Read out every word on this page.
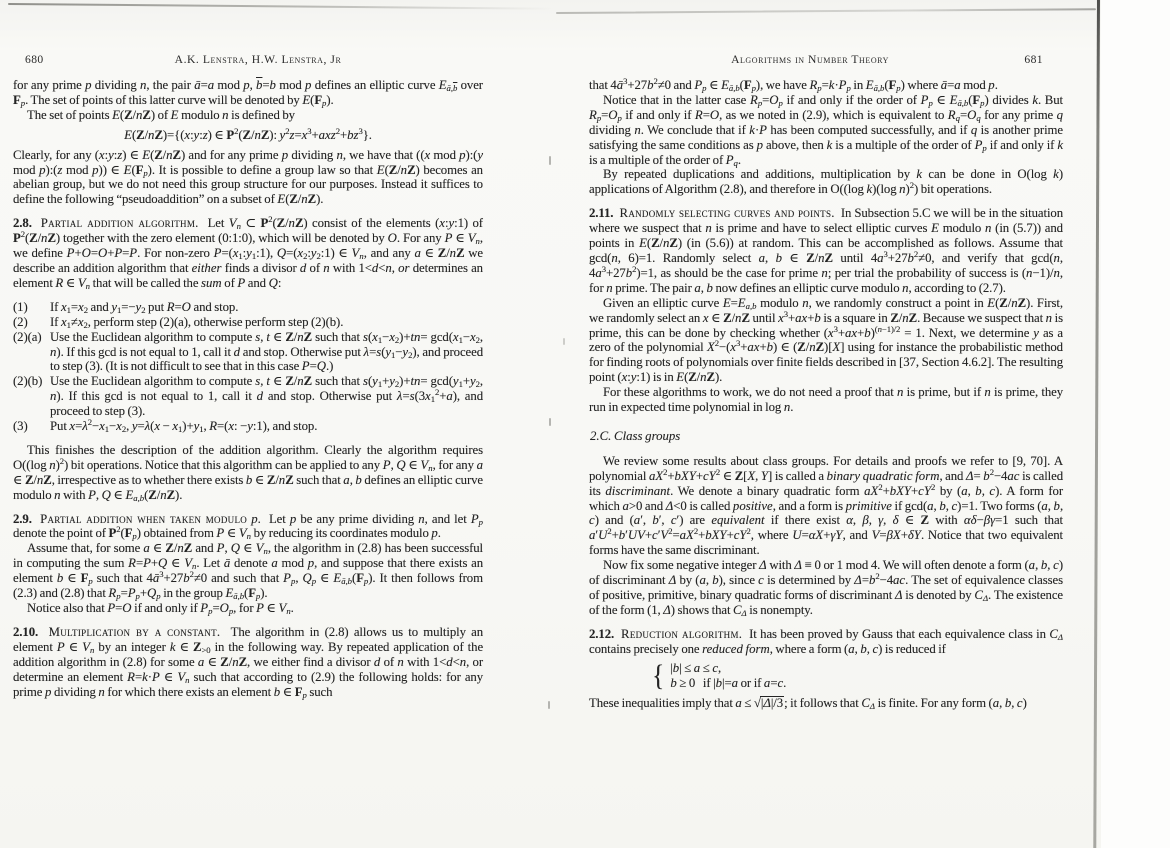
680	A.K. Lenstra, H.W. Lenstra, Jr
for any prime p dividing n, the pair ā=a mod p, $\overline{b}=b$ mod p defines an elliptic curve $E_{ā,\overline{b}}$ over $F_p$. The set of points of this latter curve will be denoted by $E(F_p)$.
The set of points E(Z/nZ) of E modulo n is defined by
E(Z/nZ)={(x:y:z) ∈ $P^2(Z/nZ)$: $y^2z=x^3+axz^2+bz^3$}.
Clearly, for any (x:y:z) ∈ E(Z/nZ) and for any prime p dividing n, we have that ((x mod p):(y mod p):(z mod p)) ∈ $E(F_p)$. It is possible to define a group law so that E(Z/nZ) becomes an abelian group, but we do not need this group structure for our purposes. Instead it suffices to define the following “pseudoaddition” on a subset of E(Z/nZ).
2.8. Partial addition algorithm.  Let $V_n$ ⊂ $P^2(Z/nZ)$ consist of the elements (x:y:1) of $P^2(Z/nZ)$ together with the zero element (0:1:0), which will be denoted by O. For any P ∈ $V_n$, we define P+O=O+P=P. For non-zero $P=(x_1:y_1:1)$, $Q=(x_2:y_2:1)$ ∈ $V_n$, and any a ∈ Z/nZ we describe an addition algorithm that either finds a divisor d of n with 1<d<n, or determines an element R ∈ $V_n$ that will be called the sum of P and Q:
(1) If $x_1=x_2$ and $y_1=-y_2$ put R=O and stop.
(2) If $x_1\ne x_2$, perform step (2)(a), otherwise perform step (2)(b).
(2)(a) Use the Euclidean algorithm to compute s, t ∈ Z/nZ such that $s(x_1-x_2)+tn= \gcd(x_1-x_2$, n). If this gcd is not equal to 1, call it d and stop. Otherwise put $\lambda=s(y_1-y_2)$, and proceed to step (3). (It is not difficult to see that in this case P=Q.)
(2)(b) Use the Euclidean algorithm to compute s, t ∈ Z/nZ such that $s(y_1+y_2)+tn= \gcd(y_1+y_2$, n). If this gcd is not equal to 1, call it d and stop. Otherwise put $\lambda=s(3x_1^2+a)$, and proceed to step (3).
(3) Put $x=\lambda^2-x_1-x_2$, $y=\lambda(x - x_1)+y_1$, R=(x: −y:1), and stop.
This finishes the description of the addition algorithm. Clearly the algorithm requires O((log n)$^2$) bit operations. Notice that this algorithm can be applied to any P, Q ∈ $V_n$, for any a ∈ Z/nZ, irrespective as to whether there exists b ∈ Z/nZ such that a, b defines an elliptic curve modulo n with P, Q ∈ $E_{a,b}(Z/nZ)$.
2.9. Partial addition when taken modulo p.  Let p be any prime dividing n, and let $P_p$ denote the point of $P^2(F_p)$ obtained from P ∈ $V_n$ by reducing its coordinates modulo p.
Assume that, for some a ∈ Z/nZ and P, Q ∈ $V_n$, the algorithm in (2.8) has been successful in computing the sum R=P+Q ∈ $V_n$. Let ā denote a mod p, and suppose that there exists an element b ∈ $F_p$ such that $4ā^3+27b^2\ne 0$ and such that $P_p$, $Q_p$ ∈ $E_{ā,b}(F_p)$. It then follows from (2.3) and (2.8) that $R_p=P_p+Q_p$ in the group $E_{ā,b}(F_p)$.
Notice also that P=O if and only if $P_p=O_p$, for P ∈ $V_n$.
2.10. Multiplication by a constant.  The algorithm in (2.8) allows us to multiply an element P ∈ $V_n$ by an integer k ∈ $Z_{>0}$ in the following way. By repeated application of the addition algorithm in (2.8) for some a ∈ Z/nZ, we either find a divisor d of n with 1<d<n, or determine an element R=k·P ∈ $V_n$ such that according to (2.9) the following holds: for any prime p dividing n for which there exists an element b ∈ $F_p$ such
Algorithms in Number Theory	681
that $4ā^3+27b^2\ne 0$ and $P_p$ ∈ $E_{ā,b}(F_p)$, we have $R_p=k\cdot P_p$ in $E_{ā,b}(F_p)$ where ā=a mod p.
Notice that in the latter case $R_p=O_p$ if and only if the order of $P_p$ ∈ $E_{ā,b}(F_p)$ divides k. But $R_p=O_p$ if and only if R=O, as we noted in (2.9), which is equivalent to $R_q=O_q$ for any prime q dividing n. We conclude that if k·P has been computed successfully, and if q is another prime satisfying the same conditions as p above, then k is a multiple of the order of $P_p$ if and only if k is a multiple of the order of $P_q$.
By repeated duplications and additions, multiplication by k can be done in O(log k) applications of Algorithm (2.8), and therefore in O((log k)(log n)$^2$) bit operations.
2.11. Randomly selecting curves and points.  In Subsection 5.C we will be in the situation where we suspect that n is prime and have to select elliptic curves E modulo n (in (5.7)) and points in E(Z/nZ) (in (5.6)) at random. This can be accomplished as follows. Assume that gcd(n, 6)=1. Randomly select a, b ∈ Z/nZ until $4a^3+27b^2\ne 0$, and verify that gcd(n, $4a^3+27b^2)=1$, as should be the case for prime n; per trial the probability of success is (n−1)/n, for n prime. The pair a, b now defines an elliptic curve modulo n, according to (2.7).
Given an elliptic curve $E=E_{a,b}$ modulo n, we randomly construct a point in E(Z/nZ). First, we randomly select an x ∈ Z/nZ until $x^3+ax+b$ is a square in Z/nZ. Because we suspect that n is prime, this can be done by checking whether $(x^3+ax+b)^{(n-1)/2} = 1$. Next, we determine y as a zero of the polynomial $X^2-(x^3+ax+b)$ ∈ (Z/nZ)[X] using for instance the probabilistic method for finding roots of polynomials over finite fields described in [37, Section 4.6.2]. The resulting point (x:y:1) is in E(Z/nZ).
For these algorithms to work, we do not need a proof that n is prime, but if n is prime, they run in expected time polynomial in log n.
2.C. Class groups
We review some results about class groups. For details and proofs we refer to [9, 70]. A polynomial $aX^2+bXY+cY^2$ ∈ Z[X, Y] is called a binary quadratic form, and $\Delta= b^2-4ac$ is called its discriminant. We denote a binary quadratic form $aX^2+bXY+cY^2$ by (a, b, c). A form for which a>0 and Δ<0 is called positive, and a form is primitive if gcd(a, b, c)=1. Two forms (a, b, c) and (a′, b′, c′) are equivalent if there exist α, β, γ, δ ∈ Z with αδ−βγ=1 such that $a'U^2+b'UV+c'V^2=aX^2+bXY+cY^2$, where U=αX+γY, and V=βX+δY. Notice that two equivalent forms have the same discriminant.
Now fix some negative integer Δ with Δ ≡ 0 or 1 mod 4. We will often denote a form (a, b, c) of discriminant Δ by (a, b), since c is determined by $\Delta=b^2-4ac$. The set of equivalence classes of positive, primitive, binary quadratic forms of discriminant Δ is denoted by $C_\Delta$. The existence of the form (1, Δ) shows that $C_\Delta$ is nonempty.
2.12. Reduction algorithm.  It has been proved by Gauss that each equivalence class in $C_\Delta$ contains precisely one reduced form, where a form (a, b, c) is reduced if
{ |b| ≤ a ≤ c,
b ≥ 0   if |b|=a or if a=c.
These inequalities imply that a ≤ √|Δ|/3; it follows that $C_\Delta$ is finite. For any form (a, b, c)
